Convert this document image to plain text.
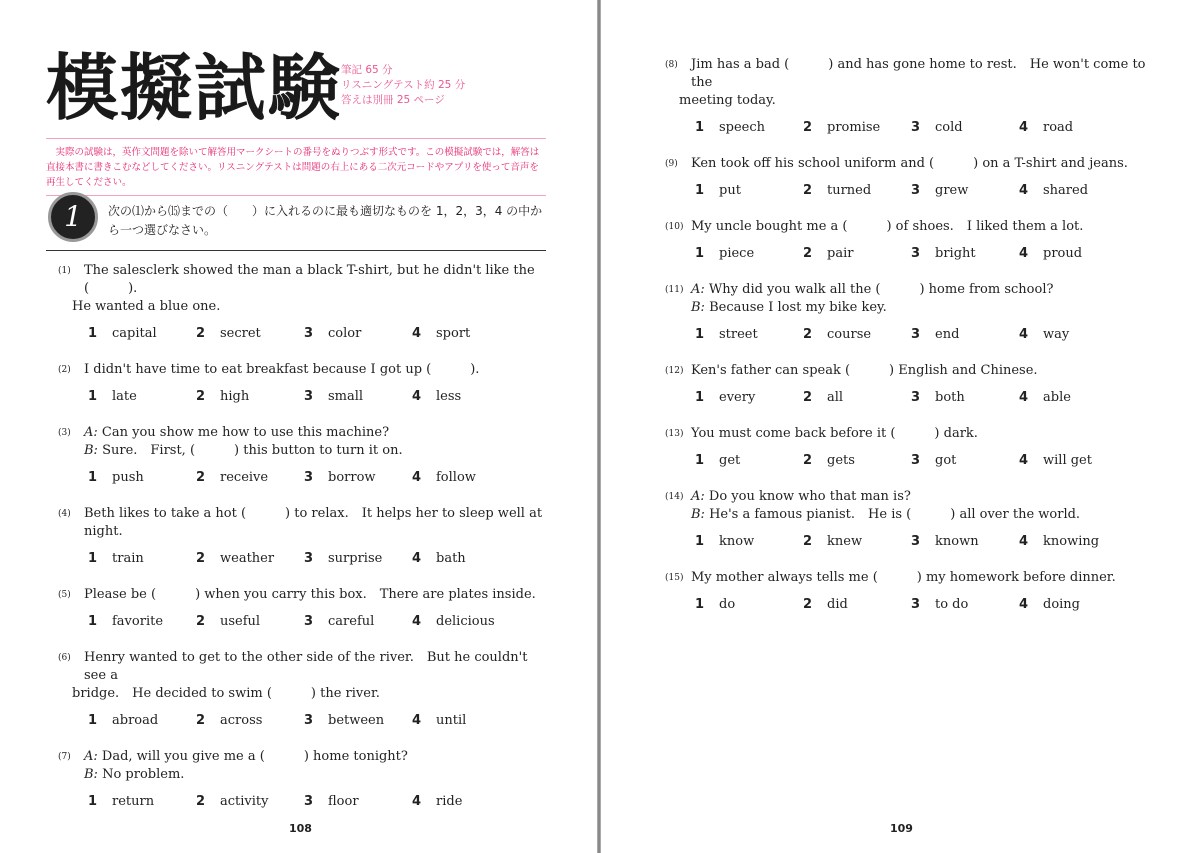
模擬試験
筆記 65 分
リスニングテスト約 25 分
答えは別冊 25 ページ
実際の試験は，英作文問題を除いて解答用マークシートの番号をぬりつぶす形式です。この模擬試験では，解答は直接本書に書きこむなどしてください。リスニングテストは問題の右上にある二次元コードやアプリを使って音声を再生してください。
1	次の⑴から⒂までの（　　）に入れるのに最も適切なものを 1，2，3，4 の中から一つ選びなさい。
(1) The salesclerk showed the man a black T-shirt, but he didn't like the (　　　).
He wanted a blue one.
1 capital	2 secret	3 color	4 sport
(2) I didn't have time to eat breakfast because I got up (　　　).
1 late	2 high	3 small	4 less
(3) A: Can you show me how to use this machine?
B: Sure.　First, (　　　) this button to turn it on.
1 push	2 receive	3 borrow	4 follow
(4) Beth likes to take a hot (　　　) to relax.　It helps her to sleep well at night.
1 train	2 weather 3 surprise 4 bath
(5) Please be (　　　) when you carry this box.　There are plates inside.
1 favorite	2 useful	3 careful	4 delicious
(6) Henry wanted to get to the other side of the river.　But he couldn't see a
bridge.　He decided to swim (　　　) the river.
1 abroad	2 across	3 between 4 until
(7) A: Dad, will you give me a (　　　) home tonight?
B: No problem.
1 return	2 activity	3 floor	4 ride
108
(8) Jim has a bad (　　　) and has gone home to rest.　He won't come to the
meeting today.
1 speech	2 promise 3 cold	4 road
(9) Ken took off his school uniform and (　　　) on a T-shirt and jeans.
1 put	2 turned	3 grew	4 shared
(10) My uncle bought me a (　　　) of shoes.　I liked them a lot.
1 piece	2 pair	3 bright	4 proud
(11) A: Why did you walk all the (　　　) home from school?
B: Because I lost my bike key.
1 street	2 course	3 end	4 way
(12) Ken's father can speak (　　　) English and Chinese.
1 every	2 all	3 both	4 able
(13) You must come back before it (　　　) dark.
1 get	2 gets	3 got	4 will get
(14) A: Do you know who that man is?
B: He's a famous pianist.　He is (　　　) all over the world.
1 know	2 knew	3 known	4 knowing
(15) My mother always tells me (　　　) my homework before dinner.
1 do	2 did	3 to do	4 doing
109
